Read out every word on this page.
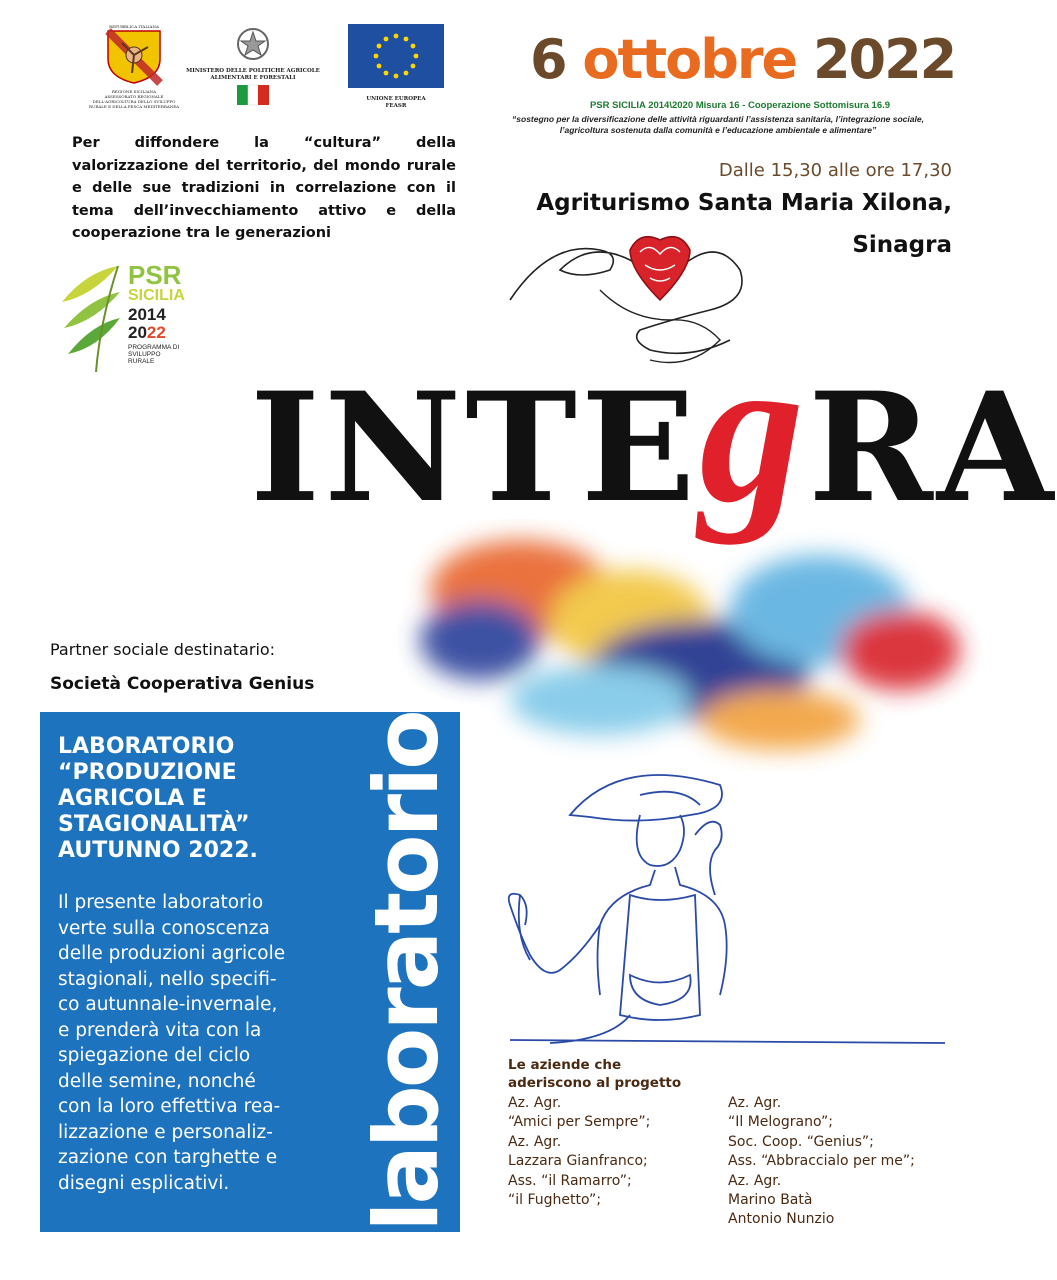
REPUBBLICA ITALIANA
REGIONE SICILIANA
ASSESSORATO REGIONALE DELL'AGRICOLTURA DELLO SVILUPPO RURALE E DELLA PESCA MEDITERRANEA
MINISTERO DELLE POLITICHE AGRICOLE ALIMENTARI E FORESTALI
UNIONE EUROPEA
FEASR
6 ottobre 2022
PSR SICILIA 2014\2020 Misura 16 - Cooperazione Sottomisura 16.9
“sostegno per la diversificazione delle attività riguardanti l’assistenza sanitaria, l’integrazione sociale, l’agricoltura sostenuta dalla comunità e l’educazione ambientale e alimentare”
Per diffondere la “cultura” della valorizzazione del territorio, del mondo rurale e delle sue tradizioni in correlazione con il tema dell’invecchiamento attivo e della cooperazione tra le generazioni
Dalle 15,30 alle ore 17,30
Agriturismo Santa Maria Xilona,
Sinagra
PSR
SICILIA
2014
2022
PROGRAMMA DI SVILUPPO RURALE INTEgRA
Partner sociale destinatario:
Società Cooperativa Genius
LABORATORIO
“PRODUZIONE
AGRICOLA E
STAGIONALITÀ”
AUTUNNO 2022.
Il presente laboratorio
verte sulla conoscenza
delle produzioni agricole
stagionali, nello specifi-
co autunnale-invernale,
e prenderà vita con la
spiegazione del ciclo
delle semine, nonché
con la loro effettiva rea-
lizzazione e personaliz-
zazione con targhette e
disegni esplicativi.	laboratorio	Le aziende che
aderiscono al progetto
Az. Agr.
“Amici per Sempre”;
Az. Agr.
Lazzara Gianfranco;
Ass. “il Ramarro”;
“il Fughetto”;
Az. Agr.
“Il Melograno”;
Soc. Coop. “Genius”;
Ass. “Abbraccialo per me”;
Az. Agr.
Marino Batà
Antonio Nunzio
